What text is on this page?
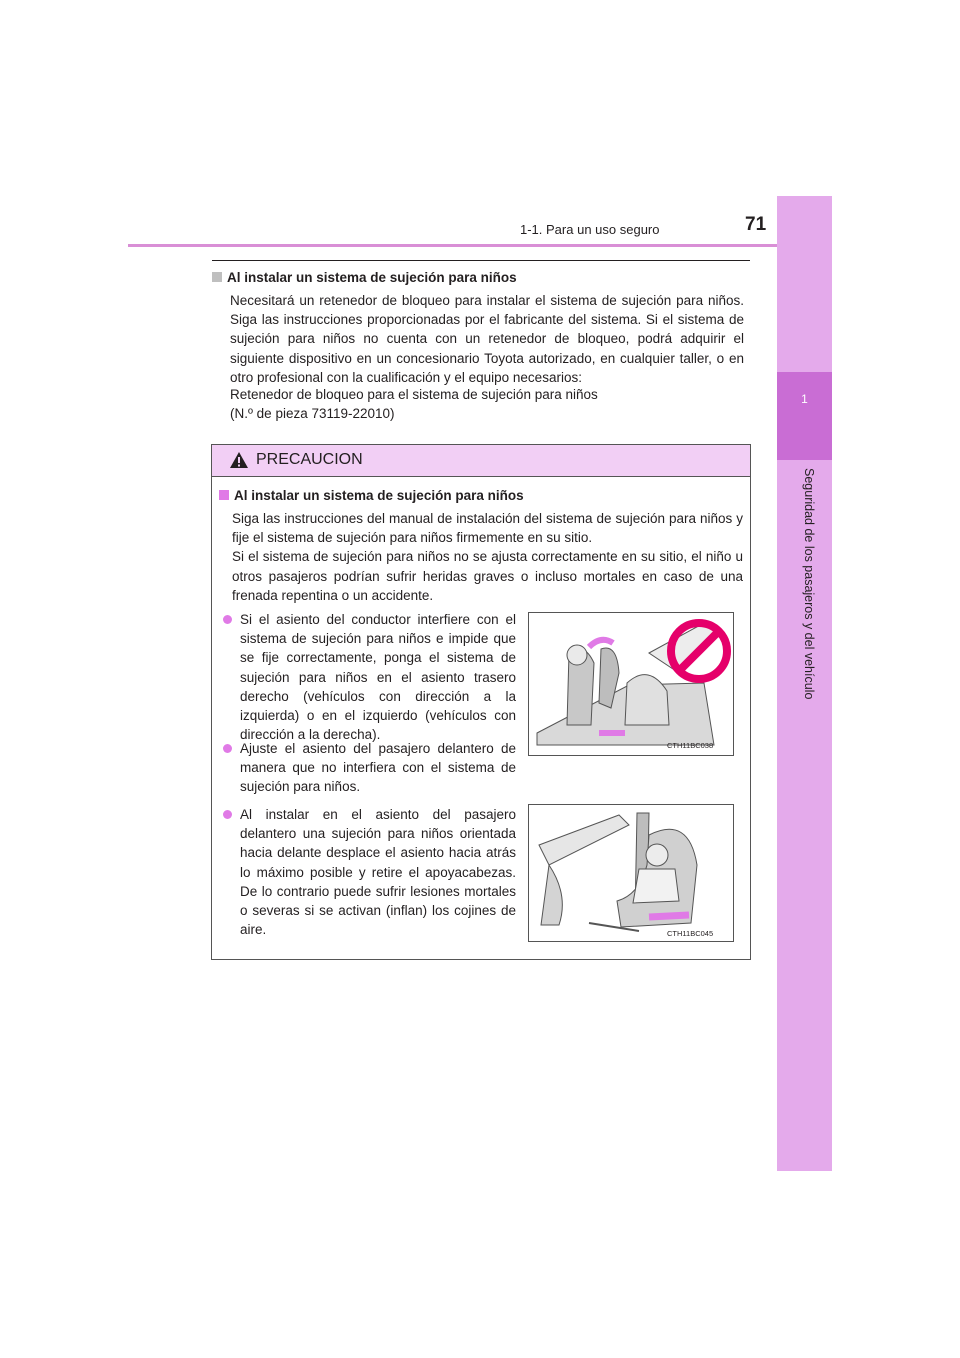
1-1. Para un uso seguro	71
1
Seguridad de los pasajeros y del vehículo
Al instalar un sistema de sujeción para niños
Necesitará un retenedor de bloqueo para instalar el sistema de sujeción para niños. Siga las instrucciones proporcionadas por el fabricante del sistema. Si el sistema de sujeción para niños no cuenta con un retenedor de bloqueo, podrá adquirir el siguiente dispositivo en un concesionario Toyota autorizado, en cualquier taller, o en otro profesional con la cualificación y el equipo necesarios:
Retenedor de bloqueo para el sistema de sujeción para niños
(N.º de pieza 73119-22010)
PRECAUCION
Al instalar un sistema de sujeción para niños
Siga las instrucciones del manual de instalación del sistema de sujeción para niños y fije el sistema de sujeción para niños firmemente en su sitio.
Si el sistema de sujeción para niños no se ajusta correctamente en su sitio, el niño u otros pasajeros podrían sufrir heridas graves o incluso mortales en caso de una frenada repentina o un accidente.
Si el asiento del conductor interfiere con el sistema de sujeción para niños e impide que se fije correctamente, ponga el sistema de sujeción para niños en el asiento trasero derecho (vehículos con dirección a la izquierda) o en el izquierdo (vehículos con dirección a la derecha).
Ajuste el asiento del pasajero delantero de manera que no interfiera con el sistema de sujeción para niños.
Al instalar en el asiento del pasajero delantero una sujeción para niños orientada hacia delante desplace el asiento hacia atrás lo máximo posible y retire el apoyacabezas. De lo contrario puede sufrir lesiones mortales o severas si se activan (inflan) los cojines de aire.
CTH11BC038
CTH11BC045
